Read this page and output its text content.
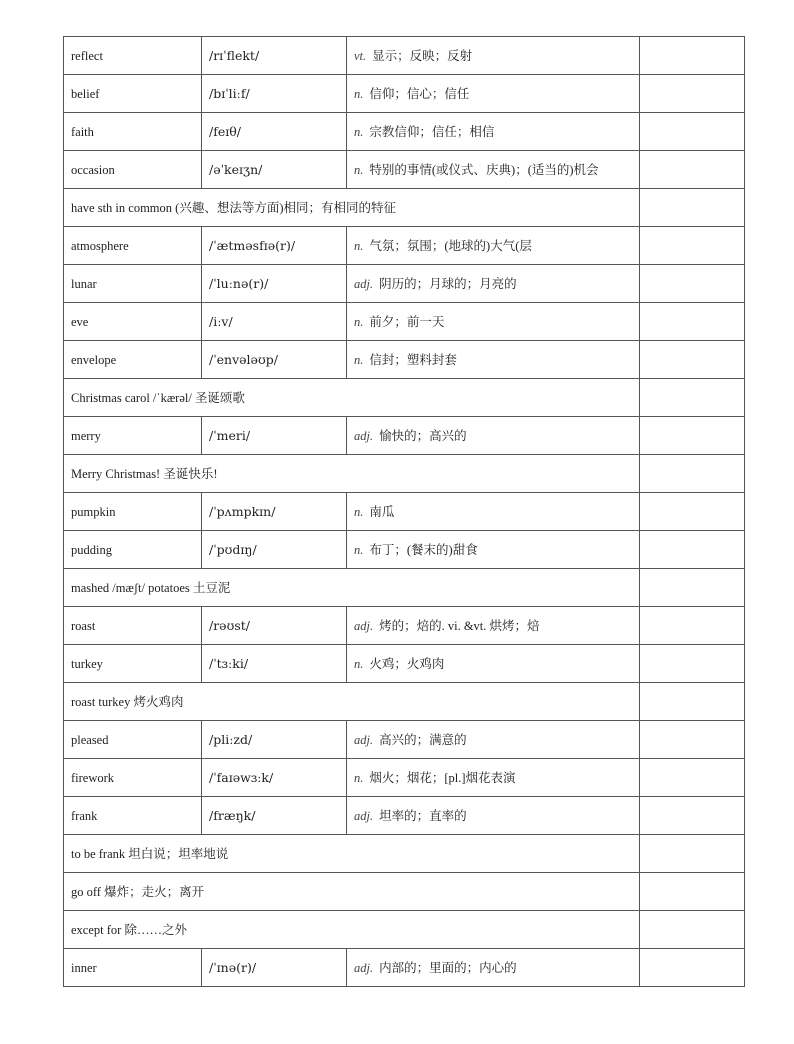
reflect	/rɪˈflekt/	vt. 显示；反映；反射	
belief	/bɪˈliːf/	n. 信仰；信心；信任	
faith	/feɪθ/	n. 宗教信仰；信任；相信	
occasion	/əˈkeɪʒn/	n. 特别的事情(或仪式、庆典)；(适当的)机会	
have sth in common (兴趣、想法等方面)相同；有相同的特征			
atmosphere	/ˈætməsfɪə(r)/	n. 气氛；氛围；(地球的)大气(层	
lunar	/ˈluːnə(r)/	adj. 阴历的；月球的；月亮的	
eve	/iːv/	n. 前夕；前一天	
envelope	/ˈenvələʊp/	n. 信封；塑料封套	
Christmas carol /ˈkærəl/ 圣诞颂歌			
merry	/ˈmeri/	adj. 愉快的；高兴的	
Merry Christmas! 圣诞快乐!			
pumpkin	/ˈpʌmpkɪn/	n. 南瓜	
pudding	/ˈpʊdɪŋ/	n. 布丁；(餐末的)甜食	
mashed /mæʃt/ potatoes 土豆泥			
roast	/rəʊst/	adj. 烤的；焙的. vi. &vt. 烘烤；焙	
turkey	/ˈtɜːki/	n. 火鸡；火鸡肉	
roast turkey 烤火鸡肉			
pleased	/pliːzd/	adj. 高兴的；满意的	
firework	/ˈfaɪəwɜːk/	n. 烟火；烟花；[pl.]烟花表演	
frank	/fræŋk/	adj. 坦率的；直率的	
to be frank 坦白说；坦率地说			
go off 爆炸；走火；离开			
except for 除……之外			
inner	/ˈɪnə(r)/	adj. 内部的；里面的；内心的	
